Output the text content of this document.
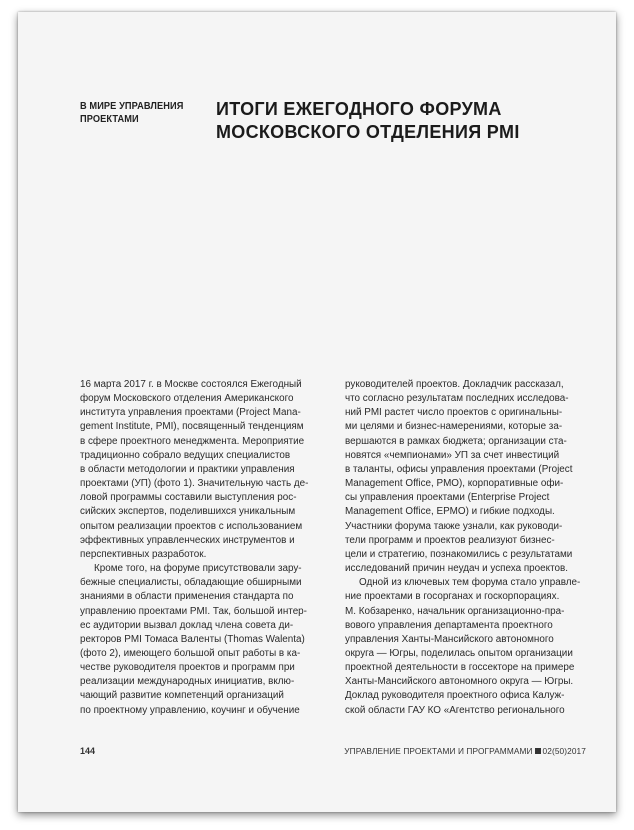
В МИРЕ УПРАВЛЕНИЯ ПРОЕКТАМИ	ИТОГИ ЕЖЕГОДНОГО ФОРУМА
МОСКОВСКОГО ОТДЕЛЕНИЯ PMI
16 марта 2017 г. в Москве состоялся Ежегодный
форум Московского отделения Американского
института управления проектами (Project Mana-
gement Institute, PMI), посвященный тенденциям
в сфере проектного менеджмента. Мероприятие
традиционно собрало ведущих специалистов
в области методологии и практики управления
проектами (УП) (фото 1). Значительную часть де-
ловой программы составили выступления рос-
сийских экспертов, поделившихся уникальным
опытом реализации проектов с использованием
эффективных управленческих инструментов и
перспективных разработок.
Кроме того, на форуме присутствовали зару-
бежные специалисты, обладающие обширными
знаниями в области применения стандарта по
управлению проектами PMI. Так, большой интер-
ес аудитории вызвал доклад члена совета ди-
ректоров PMI Томаса Валенты (Thomas Walenta)
(фото 2), имеющего большой опыт работы в ка-
честве руководителя проектов и программ при
реализации международных инициатив, вклю-
чающий развитие компетенций организаций
по проектному управлению, коучинг и обучение
руководителей проектов. Докладчик рассказал,
что согласно результатам последних исследова-
ний PMI растет число проектов с оригинальны-
ми целями и бизнес-намерениями, которые за-
вершаются в рамках бюджета; организации ста-
новятся «чемпионами» УП за счет инвестиций
в таланты, офисы управления проектами (Project
Management Office, PMO), корпоративные офи-
сы управления проектами (Enterprise Project
Management Office, EPMO) и гибкие подходы.
Участники форума также узнали, как руководи-
тели программ и проектов реализуют бизнес-
цели и стратегию, познакомились с результатами
исследований причин неудач и успеха проектов.
Одной из ключевых тем форума стало управле-
ние проектами в госорганах и госкорпорациях.
М. Кобзаренко, начальник организационно-пра-
вового управления департамента проектного
управления Ханты-Мансийского автономного
округа — Югры, поделилась опытом организации
проектной деятельности в госсекторе на примере
Ханты-Мансийского автономного округа — Югры.
Доклад руководителя проектного офиса Калуж-
ской области ГАУ КО «Агентство регионального
144	УПРАВЛЕНИЕ ПРОЕКТАМИ И ПРОГРАММАМИ 02(50)2017
